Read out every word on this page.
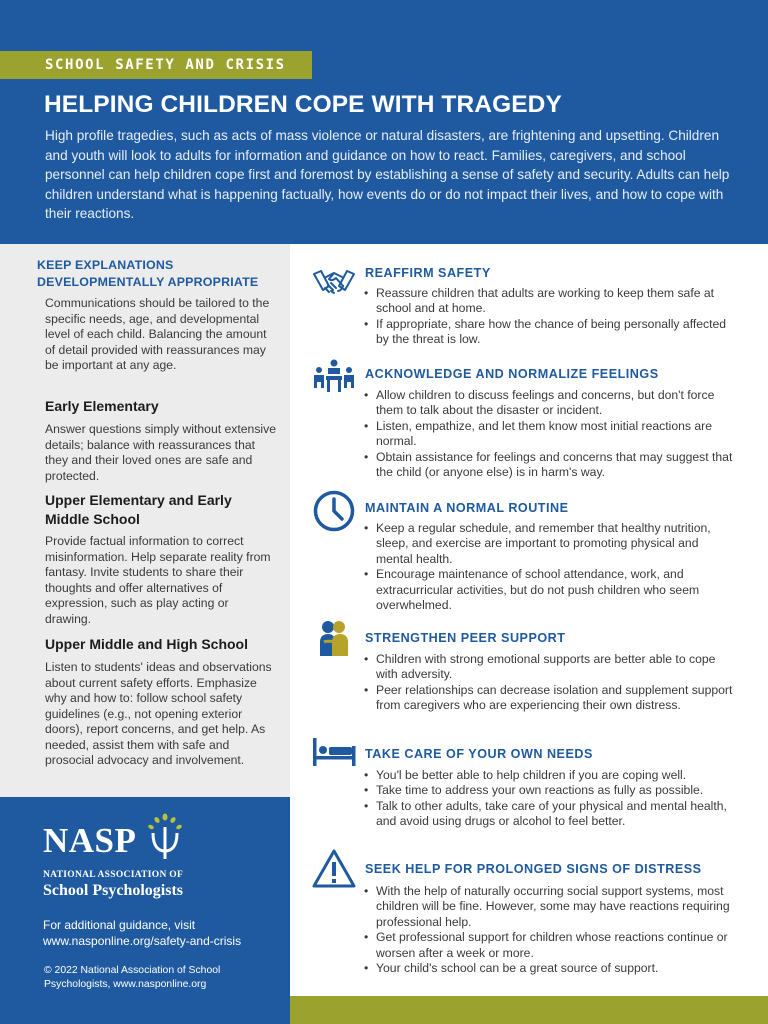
SCHOOL SAFETY AND CRISIS
HELPING CHILDREN COPE WITH TRAGEDY

High profile tragedies, such as acts of mass violence or natural disasters, are frightening and upsetting. Children and youth will look to adults for information and guidance on how to react. Families, caregivers, and school personnel can help children cope first and foremost by establishing a sense of safety and security. Adults can help children understand what is happening factually, how events do or do not impact their lives, and how to cope with their reactions.

KEEP EXPLANATIONS DEVELOPMENTALLY APPROPRIATE

Communications should be tailored to the specific needs, age, and developmental level of each child. Balancing the amount of detail provided with reassurances may be important at any age.

Early Elementary

Answer questions simply without extensive details; balance with reassurances that they and their loved ones are safe and protected.

Upper Elementary and Early Middle School

Provide factual information to correct misinformation. Help separate reality from fantasy. Invite students to share their thoughts and offer alternatives of expression, such as play acting or drawing.

Upper Middle and High School

Listen to students' ideas and observations about current safety efforts. Emphasize why and how to: follow school safety guidelines (e.g., not opening exterior doors), report concerns, and get help. As needed, assist them with safe and prosocial advocacy and involvement.

NASP
NATIONAL ASSOCIATION OF
School Psychologists

For additional guidance, visit www.nasponline.org/safety-and-crisis

© 2022 National Association of School Psychologists, www.nasponline.org

REAFFIRM SAFETY
• Reassure children that adults are working to keep them safe at school and at home.
• If appropriate, share how the chance of being personally affected by the threat is low.
ACKNOWLEDGE AND NORMALIZE FEELINGS
• Allow children to discuss feelings and concerns, but don't force them to talk about the disaster or incident.
• Listen, empathize, and let them know most initial reactions are normal.
• Obtain assistance for feelings and concerns that may suggest that the child (or anyone else) is in harm's way.
MAINTAIN A NORMAL ROUTINE
• Keep a regular schedule, and remember that healthy nutrition, sleep, and exercise are important to promoting physical and mental health.
• Encourage maintenance of school attendance, work, and extracurricular activities, but do not push children who seem overwhelmed.
STRENGTHEN PEER SUPPORT
• Children with strong emotional supports are better able to cope with adversity.
• Peer relationships can decrease isolation and supplement support from caregivers who are experiencing their own distress.
TAKE CARE OF YOUR OWN NEEDS
• You'l be better able to help children if you are coping well.
• Take time to address your own reactions as fully as possible.
• Talk to other adults, take care of your physical and mental health, and avoid using drugs or alcohol to feel better.
SEEK HELP FOR PROLONGED SIGNS OF DISTRESS
• With the help of naturally occurring social support systems, most children will be fine. However, some may have reactions requiring professional help.
• Get professional support for children whose reactions continue or worsen after a week or more.
• Your child's school can be a great source of support.
